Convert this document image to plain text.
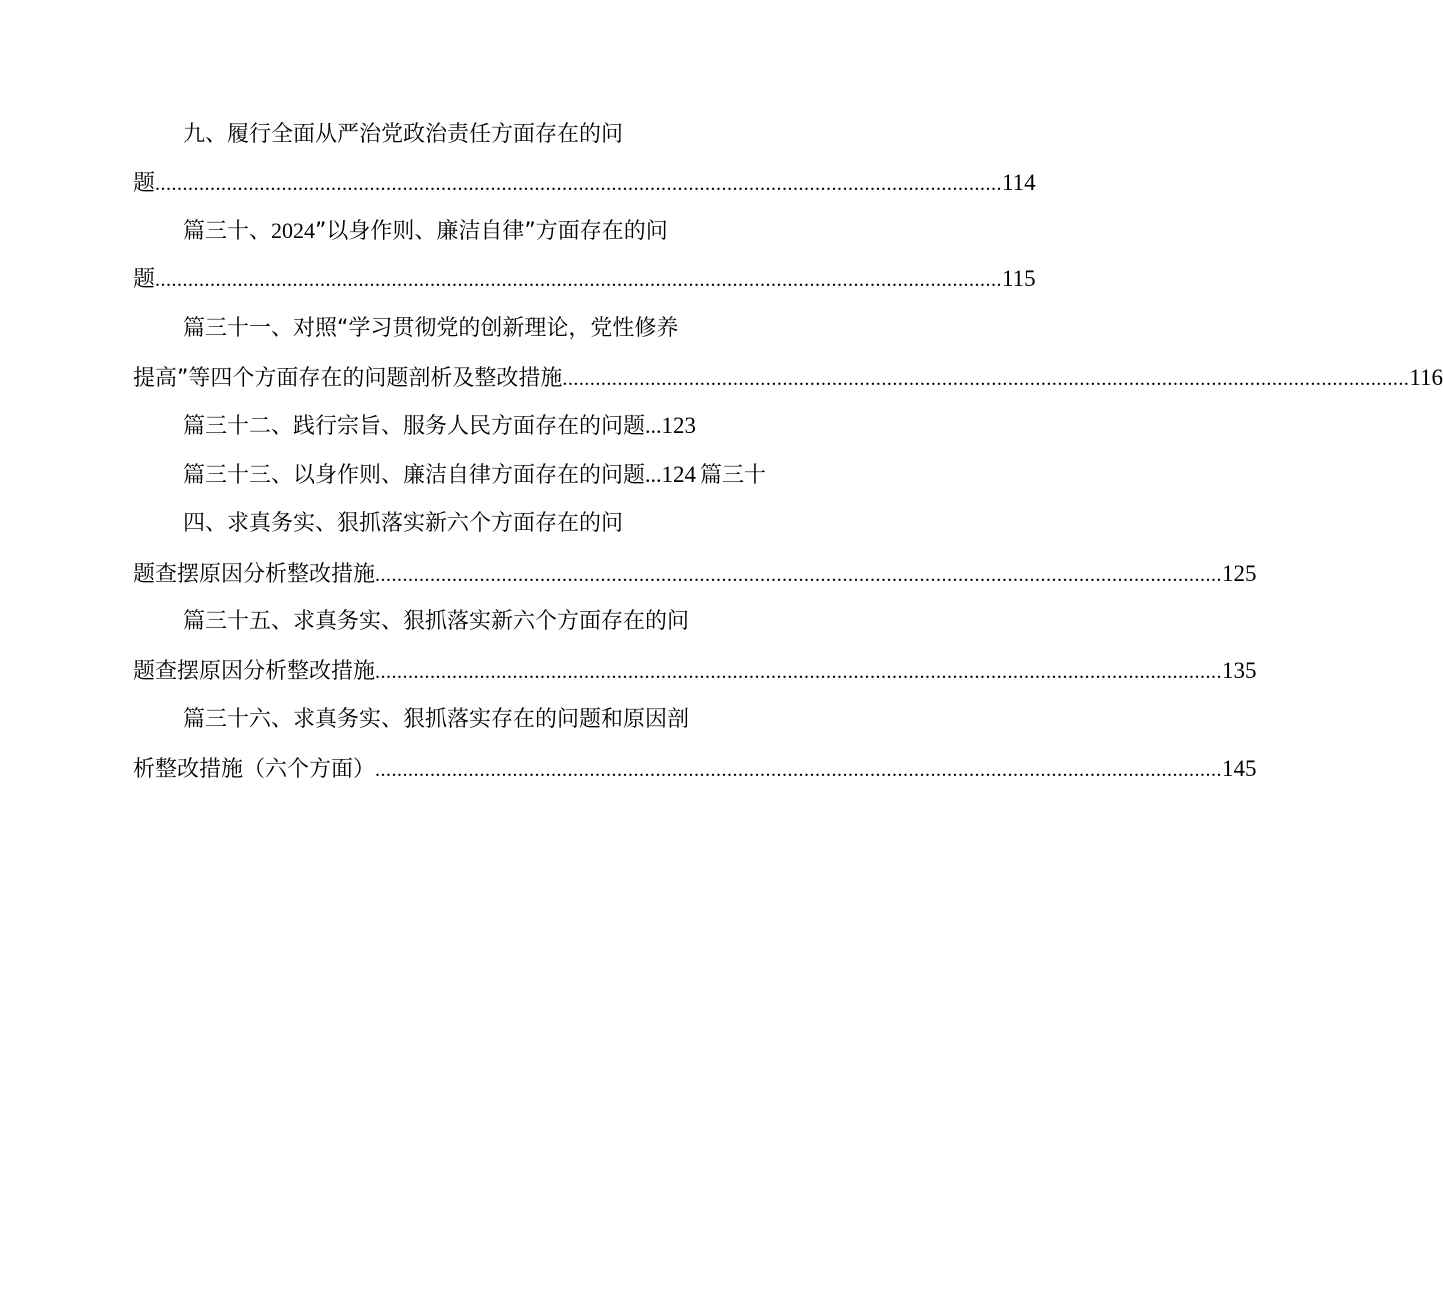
九、履行全面从严治党政治责任方面存在的问
题 .......................................................................................................................................................... 114
篇三十、 2024 ”以身作则、廉洁自律”方面存在的问
题 .......................................................................................................................................................... 115
篇三十一、对照“学习贯彻党的创新理论，党性修养
提高”等四个方面存在的问题剖析及整改措施 .......................................................................................................................................................... 116
篇三十二、践行宗旨、服务人民方面存在的问题 ... 123
篇三十三、以身作则、廉洁自律方面存在的问题 ... 124 篇三十
四、求真务实、狠抓落实新六个方面存在的问
题查摆原因分析整改措施 .......................................................................................................................................................... 125
篇三十五、求真务实、狠抓落实新六个方面存在的问
题查摆原因分析整改措施 .......................................................................................................................................................... 135
篇三十六、求真务实、狠抓落实存在的问题和原因剖
析整改措施（六个方面） .......................................................................................................................................................... 145
